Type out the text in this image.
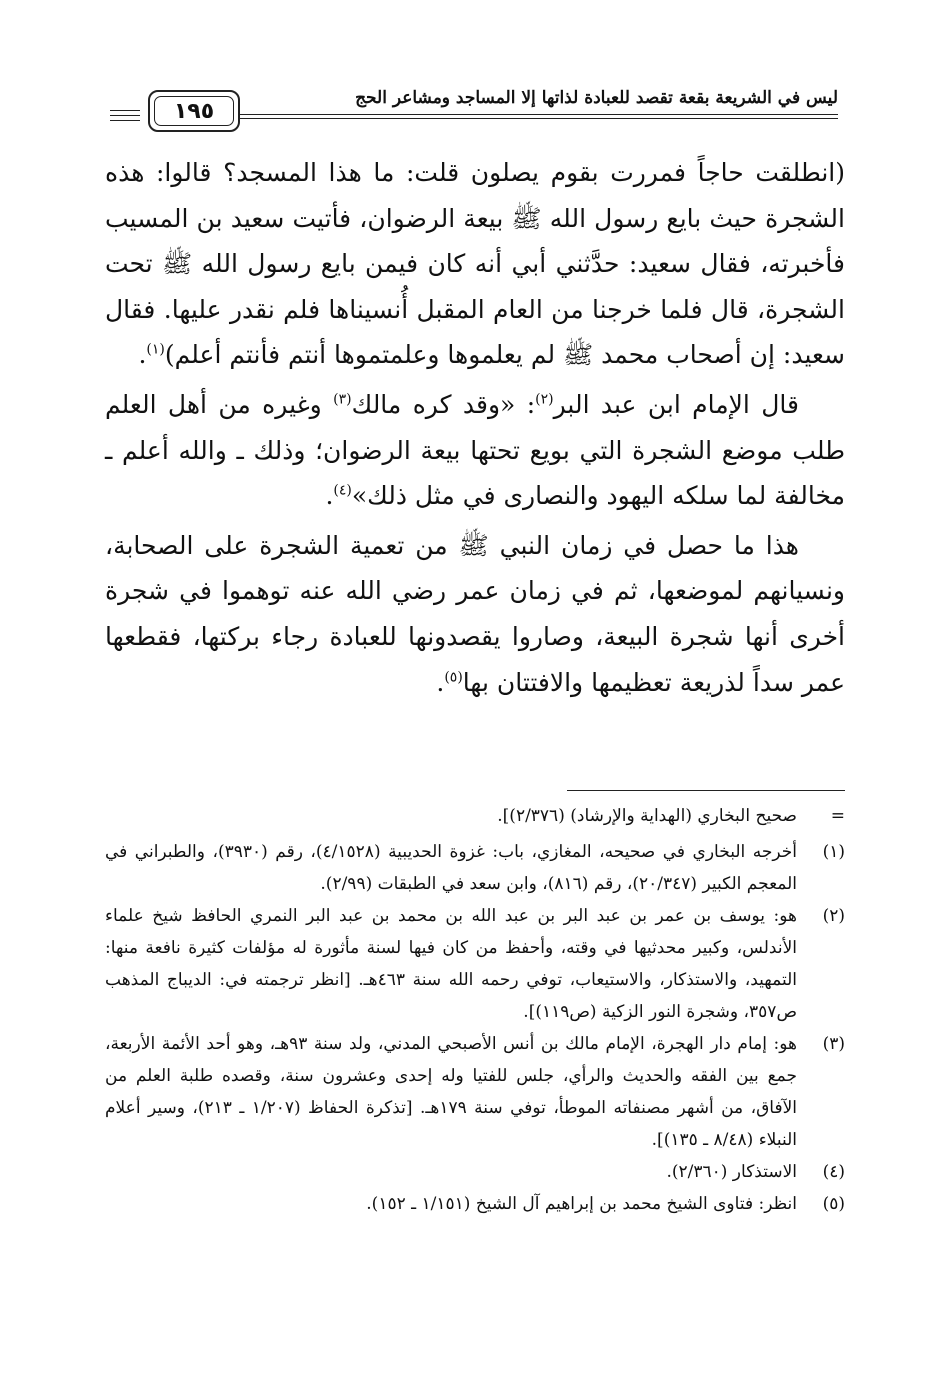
ليس في الشريعة بقعة تقصد للعبادة لذاتها إلا المساجد ومشاعر الحج
١٩٥

(انطلقت حاجاً فمررت بقوم يصلون قلت: ما هذا المسجد؟ قالوا: هذه الشجرة حيث بايع رسول الله ﷺ بيعة الرضوان، فأتيت سعيد بن المسيب فأخبرته، فقال سعيد: حدَّثني أبي أنه كان فيمن بايع رسول الله ﷺ تحت الشجرة، قال فلما خرجنا من العام المقبل أُنسيناها فلم نقدر عليها. فقال سعيد: إن أصحاب محمد ﷺ لم يعلموها وعلمتموها أنتم فأنتم أعلم)$^{(١)}$.

قال الإمام ابن عبد البر$^{(٢)}$: «وقد كره مالك$^{(٣)}$ وغيره من أهل العلم طلب موضع الشجرة التي بويع تحتها بيعة الرضوان؛ وذلك ـ والله أعلم ـ مخالفة لما سلكه اليهود والنصارى في مثل ذلك»$^{(٤)}$.

هذا ما حصل في زمان النبي ﷺ من تعمية الشجرة على الصحابة، ونسيانهم لموضعها، ثم في زمان عمر رضي الله عنه توهموا في شجرة أخرى أنها شجرة البيعة، وصاروا يقصدونها للعبادة رجاء بركتها، فقطعها عمر سداً لذريعة تعظيمها والافتتان بها$^{(٥)}$.

=
صحيح البخاري (الهداية والإرشاد) (٢/٣٧٦)].
(١)
أخرجه البخاري في صحيحه، المغازي، باب: غزوة الحديبية (٤/١٥٢٨)، رقم (٣٩٣٠)، والطبراني في المعجم الكبير (٢٠/٣٤٧)، رقم (٨١٦)، وابن سعد في الطبقات (٢/٩٩).
(٢)
هو: يوسف بن عمر بن عبد البر بن عبد الله بن محمد بن عبد البر النمري الحافظ شيخ علماء الأندلس، وكبير محدثيها في وقته، وأحفظ من كان فيها لسنة مأثورة له مؤلفات كثيرة نافعة منها: التمهيد، والاستذكار، والاستيعاب، توفي رحمه الله سنة ٤٦٣هـ. [انظر ترجمته في: الديباج المذهب ص٣٥٧، وشجرة النور الزكية (ص١١٩)].
(٣)
هو: إمام دار الهجرة، الإمام مالك بن أنس الأصبحي المدني، ولد سنة ٩٣هـ، وهو أحد الأئمة الأربعة، جمع بين الفقه والحديث والرأي، جلس للفتيا وله إحدى وعشرون سنة، وقصده طلبة العلم من الآفاق، من أشهر مصنفاته الموطأ، توفي سنة ١٧٩هـ. [تذكرة الحفاظ (١/٢٠٧ ـ ٢١٣)، وسير أعلام النبلاء (٨/٤٨ ـ ١٣٥)].
(٤)
الاستذكار (٢/٣٦٠).
(٥)
انظر: فتاوى الشيخ محمد بن إبراهيم آل الشيخ (١/١٥١ ـ ١٥٢).
